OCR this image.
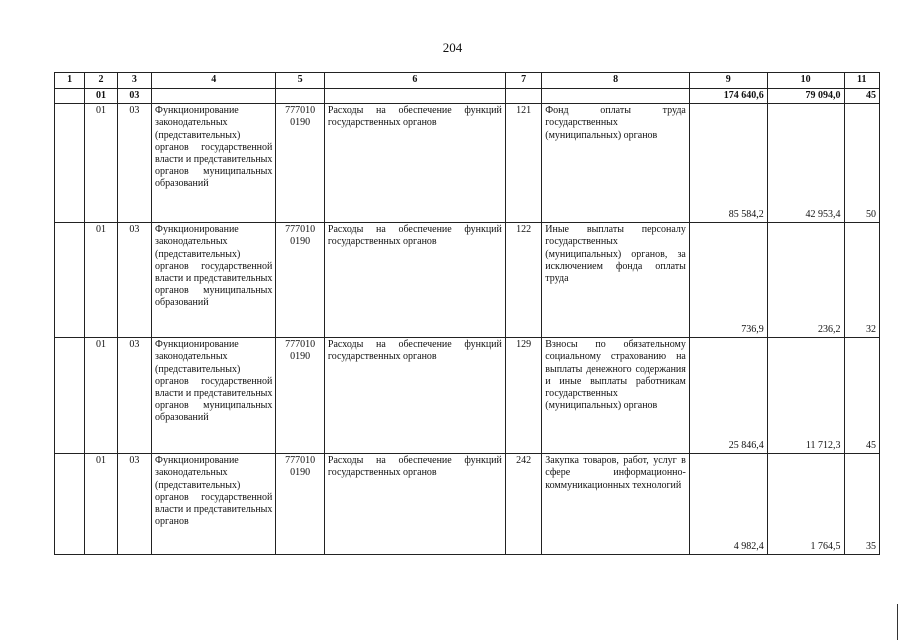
204
1	2	3	4	5	6	7	8	9	10	11
	01	03						174 640,6	79 094,0	45
	01	03	Функционирование законодательных (представительных) органов государственной власти и представительных органов муниципальных образований	777010 0190	Расходы на обеспечение функций государственных органов	121	Фонд оплаты труда государственных (муниципальных) органов	85 584,2	42 953,4	50
	01	03	Функционирование законодательных (представительных) органов государственной власти и представительных органов муниципальных образований	777010 0190	Расходы на обеспечение функций государственных органов	122	Иные выплаты персоналу государственных (муниципальных) органов, за исключением фонда оплаты труда	736,9	236,2	32
	01	03	Функционирование законодательных (представительных) органов государственной власти и представительных органов муниципальных образований	777010 0190	Расходы на обеспечение функций государственных органов	129	Взносы по обязательному социальному страхованию на выплаты денежного содержания и иные выплаты работникам государственных (муниципальных) органов	25 846,4	11 712,3	45
	01	03	Функционирование законодательных (представительных) органов государственной власти и представительных органов	777010 0190	Расходы на обеспечение функций государственных органов	242	Закупка товаров, работ, услуг в сфере информационно-коммуникационных технологий	4 982,4	1 764,5	35
